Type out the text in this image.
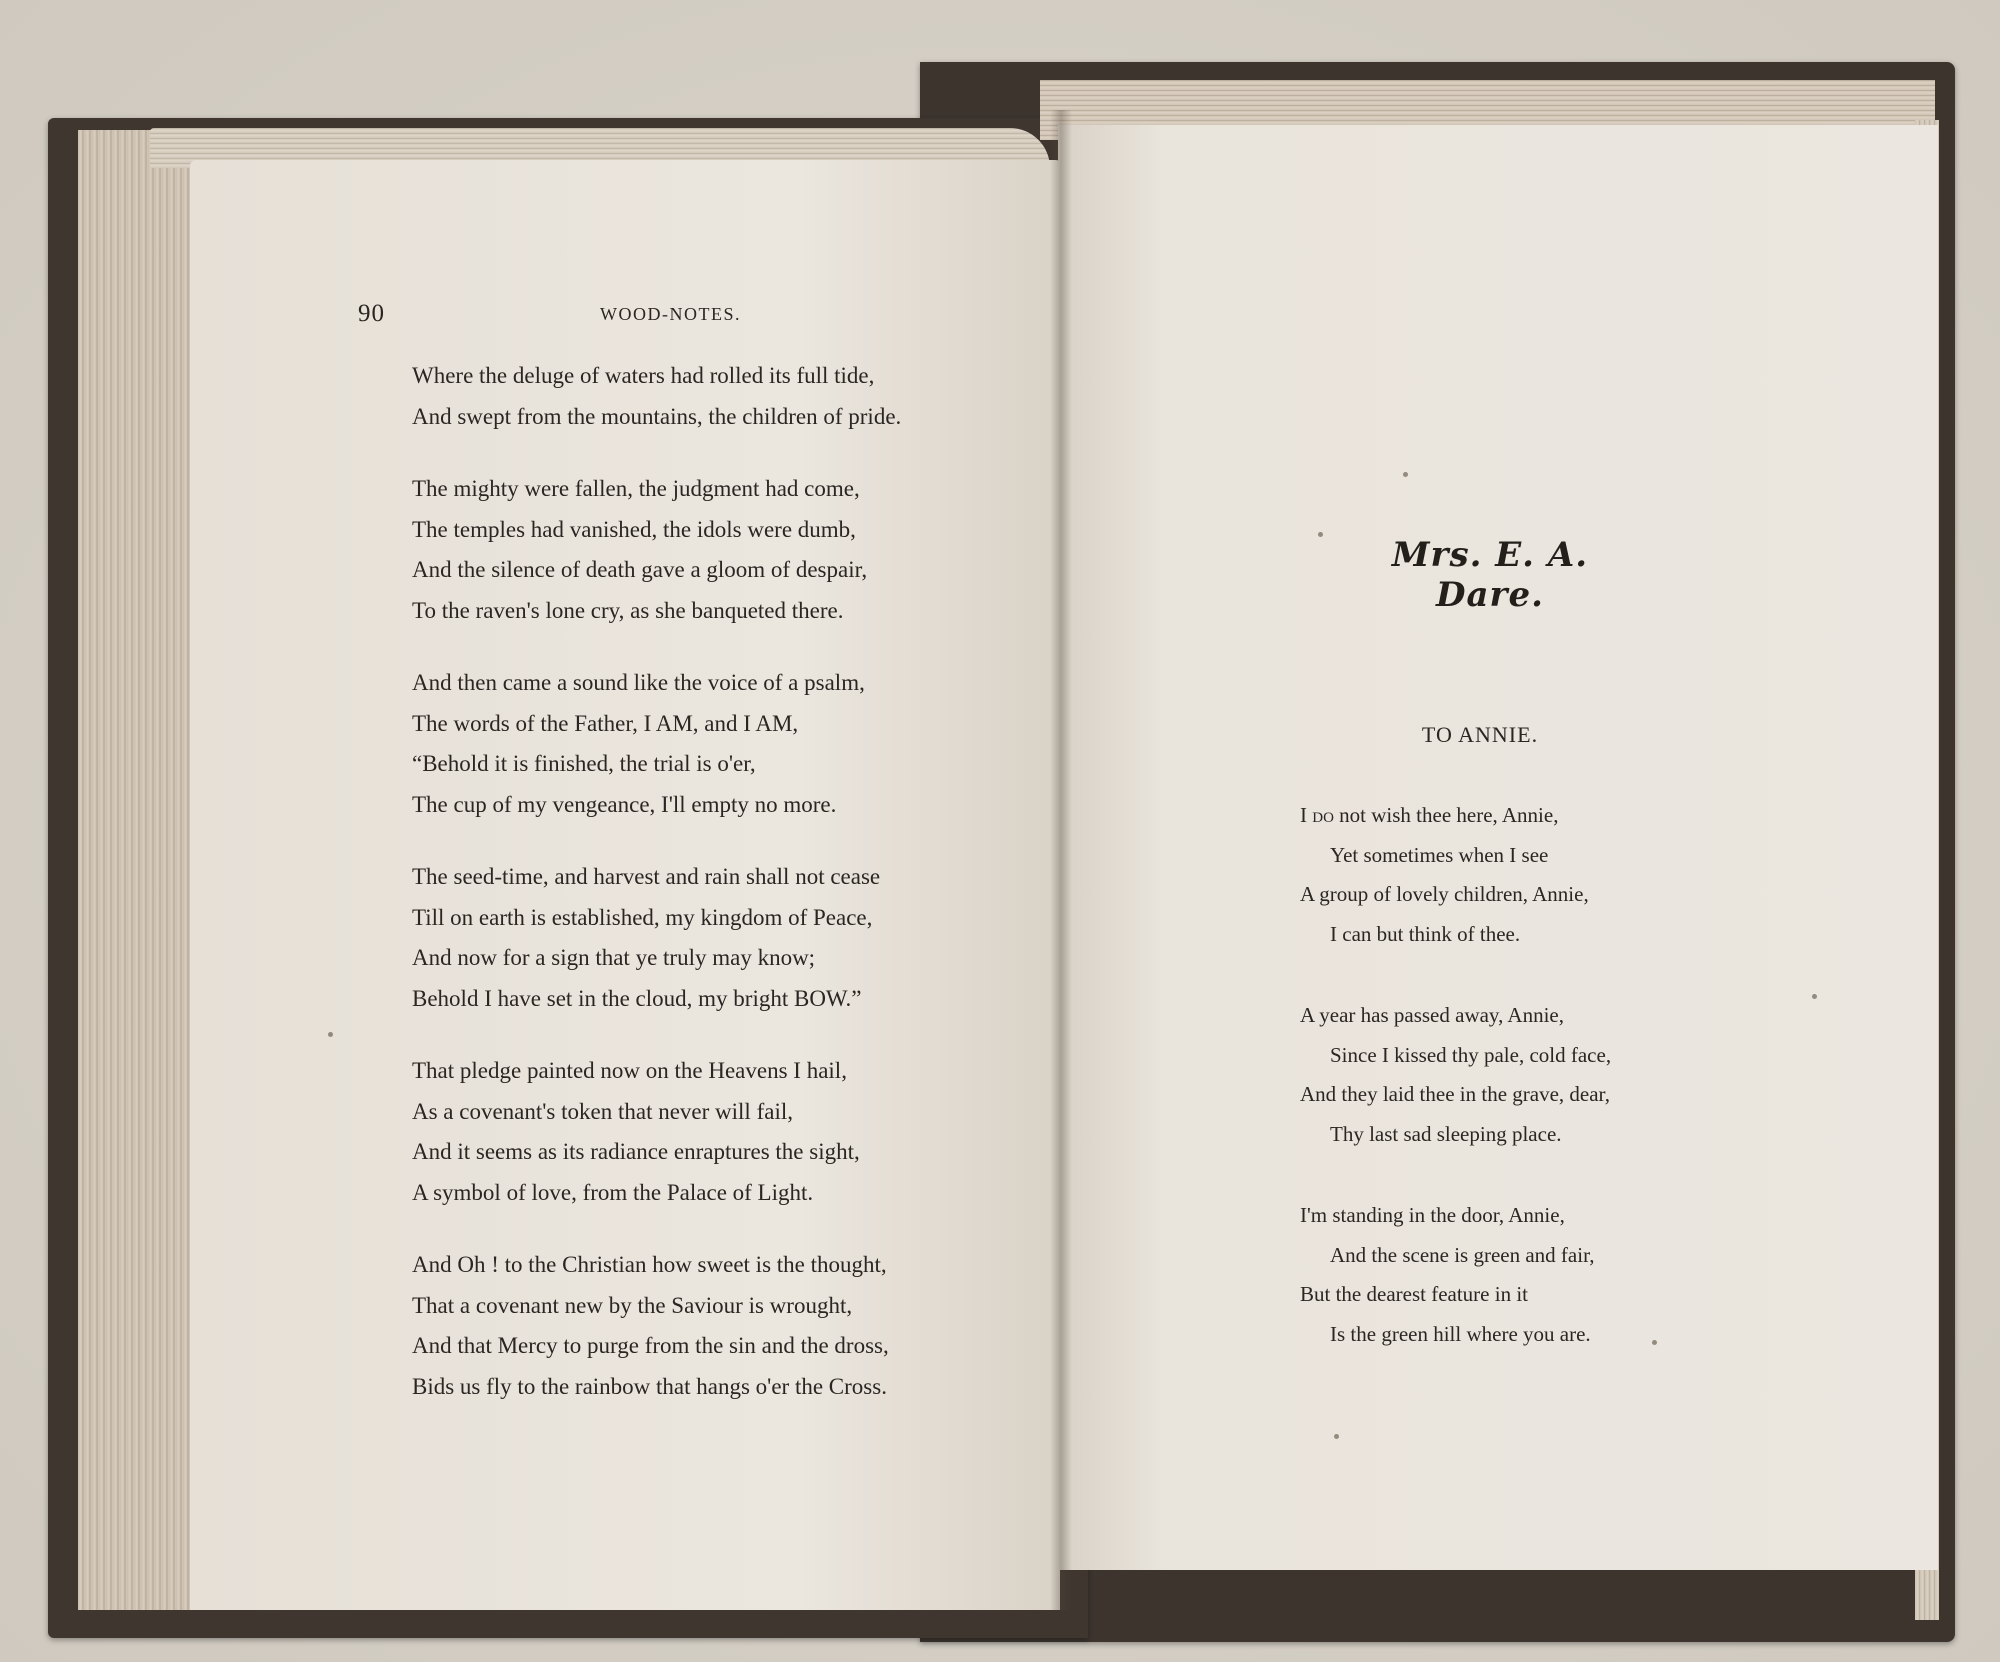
90	WOOD-NOTES.
Where the deluge of waters had rolled its full tide,
And swept from the mountains, the children of pride.
The mighty were fallen, the judgment had come,
The temples had vanished, the idols were dumb,
And the silence of death gave a gloom of despair,
To the raven's lone cry, as she banqueted there.
And then came a sound like the voice of a psalm,
The words of the Father, I AM, and I AM,
“Behold it is finished, the trial is o'er,
The cup of my vengeance, I'll empty no more.
The seed-time, and harvest and rain shall not cease
Till on earth is established, my kingdom of Peace,
And now for a sign that ye truly may know;
Behold I have set in the cloud, my bright BOW.”
That pledge painted now on the Heavens I hail,
As a covenant's token that never will fail,
And it seems as its radiance enraptures the sight,
A symbol of love, from the Palace of Light.
And Oh ! to the Christian how sweet is the thought,
That a covenant new by the Saviour is wrought,
And that Mercy to purge from the sin and the dross,
Bids us fly to the rainbow that hangs o'er the Cross.
Mrs. E. A. Dare.
TO ANNIE.
I do not wish thee here, Annie,
Yet sometimes when I see
A group of lovely children, Annie,
I can but think of thee.
A year has passed away, Annie,
Since I kissed thy pale, cold face,
And they laid thee in the grave, dear,
Thy last sad sleeping place.
I'm standing in the door, Annie,
And the scene is green and fair,
But the dearest feature in it
Is the green hill where you are.
